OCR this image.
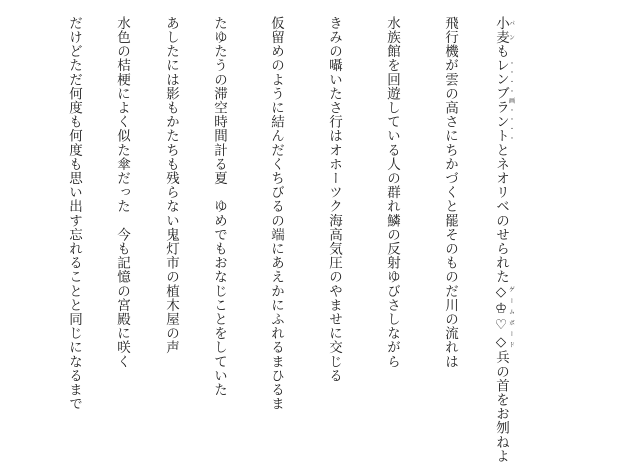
小麦パンもレンブラント・・・・画・・・・とネオリベのせられた◇♔♡◇ゲームボード兵の首をお刎ねよ
飛行機が雲の高さにちかづくと罷そのものだ川の流れは
水族館を回遊している人の群れ鱗の反射ゆびさしながら
きみの囁いたさ行はオホーツク海高気圧のやませに交じる
仮留めのように結んだくちびるの端にあえかにふれるまひるま
たゆたうの滞空時間計る夏　ゆめでもおなじことをしていた
あしたには影もかたちも残らない鬼灯市の植木屋の声
水色の桔梗によく似た傘だった　今も記憶の宮殿に咲く
だけどただ何度も何度も思い出す忘れることと同じになるまで
